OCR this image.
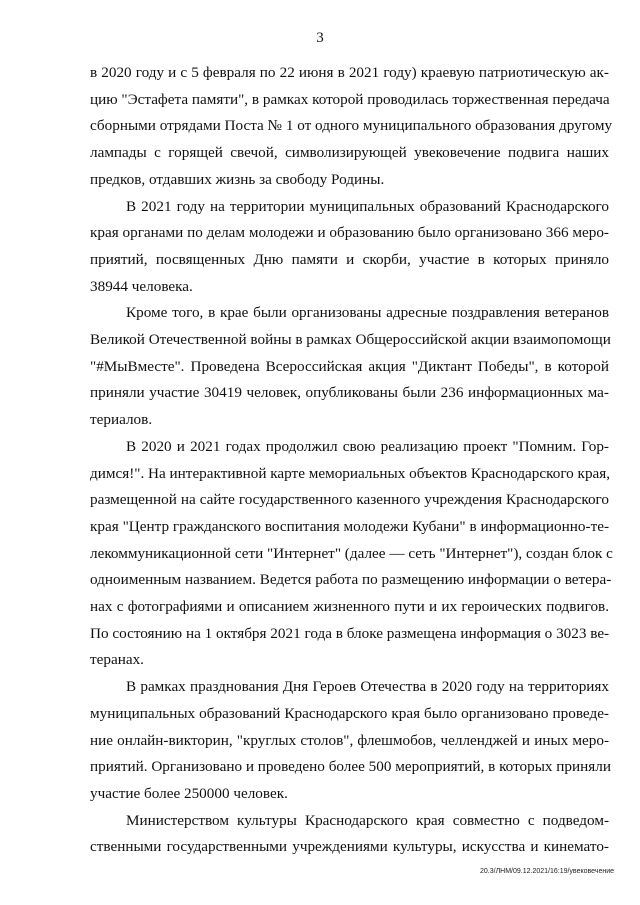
3

в 2020 году и с 5 февраля по 22 июня в 2021 году) краевую патриотическую ак-
цию "Эстафета памяти", в рамках которой проводилась торжественная передача
сборными отрядами Поста № 1 от одного муниципального образования другому
лампады с горящей свечой, символизирующей увековечение подвига наших
предков, отдавших жизнь за свободу Родины.

В 2021 году на территории муниципальных образований Краснодарского
края органами по делам молодежи и образованию было организовано 366 меро-
приятий, посвященных Дню памяти и скорби, участие в которых приняло
38944 человека.

Кроме того, в крае были организованы адресные поздравления ветеранов
Великой Отечественной войны в рамках Общероссийской акции взаимопомощи
"#МыВместе". Проведена Всероссийская акция "Диктант Победы", в которой
приняли участие 30419 человек, опубликованы были 236 информационных ма-
териалов.

В 2020 и 2021 годах продолжил свою реализацию проект "Помним. Гор-
димся!". На интерактивной карте мемориальных объектов Краснодарского края,
размещенной на сайте государственного казенного учреждения Краснодарского
края "Центр гражданского воспитания молодежи Кубани" в информационно-те-
лекоммуникационной сети "Интернет" (далее — сеть "Интернет"), создан блок с
одноименным названием. Ведется работа по размещению информации о ветера-
нах с фотографиями и описанием жизненного пути и их героических подвигов.
По состоянию на 1 октября 2021 года в блоке размещена информация о 3023 ве-
теранах.

В рамках празднования Дня Героев Отечества в 2020 году на территориях
муниципальных образований Краснодарского края было организовано проведе-
ние онлайн-викторин, "круглых столов", флешмобов, челленджей и иных меро-
приятий. Организовано и проведено более 500 мероприятий, в которых приняли
участие более 250000 человек.

Министерством культуры Краснодарского края совместно с подведом-
ственными государственными учреждениями культуры, искусства и кинемато-

20.3/ЛНМ/09.12.2021/16:19/увековечение
